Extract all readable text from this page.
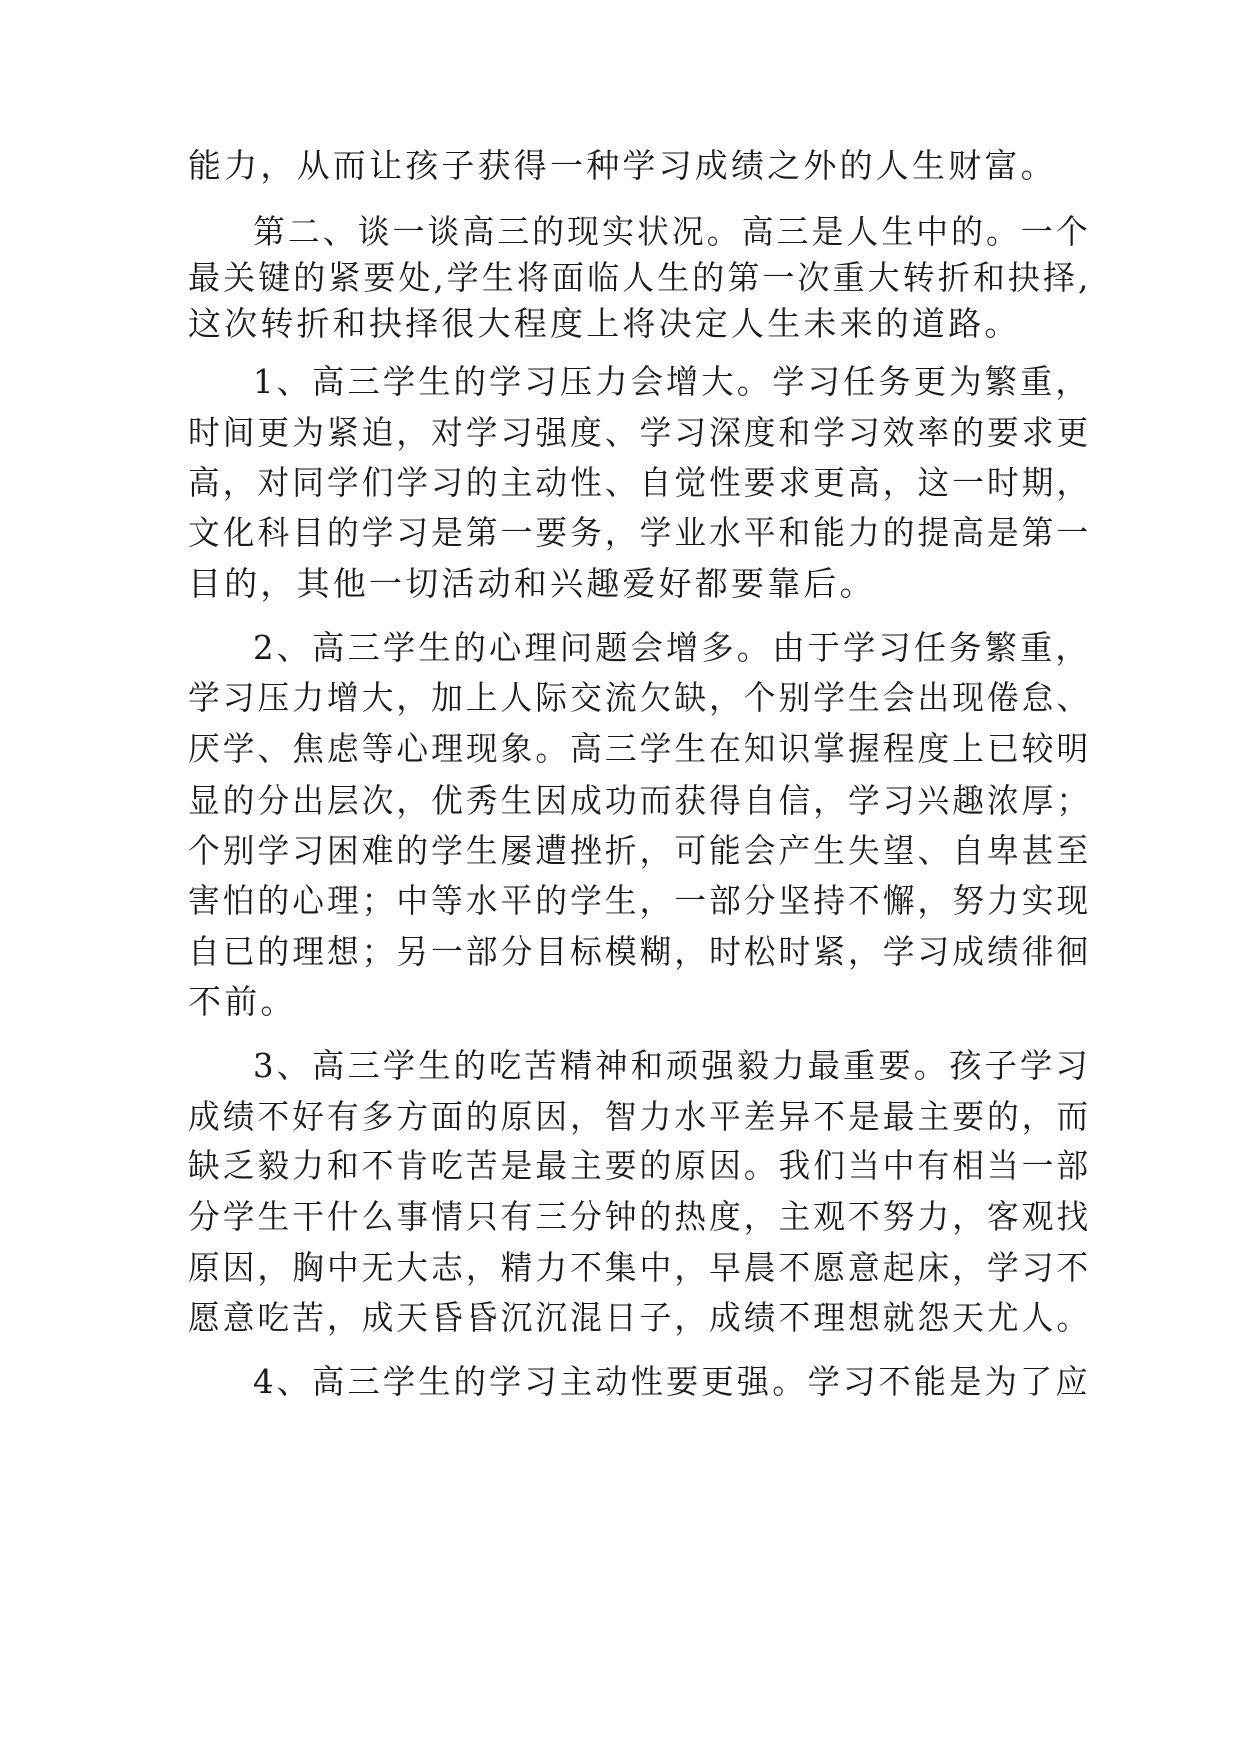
能力，从而让孩子获得一种学习成绩之外的人生财富。
第二、谈一谈高三的现实状况。高三是人生中的。一个
最关键的紧要处,学生将面临人生的第一次重大转折和抉择,
这次转折和抉择很大程度上将决定人生未来的道路。
1、高三学生的学习压力会增大。学习任务更为繁重，
时间更为紧迫，对学习强度、学习深度和学习效率的要求更
高，对同学们学习的主动性、自觉性要求更高，这一时期，
文化科目的学习是第一要务，学业水平和能力的提高是第一
目的，其他一切活动和兴趣爱好都要靠后。
2、高三学生的心理问题会增多。由于学习任务繁重，
学习压力增大，加上人际交流欠缺，个别学生会出现倦怠、
厌学、焦虑等心理现象。高三学生在知识掌握程度上已较明
显的分出层次，优秀生因成功而获得自信，学习兴趣浓厚；
个别学习困难的学生屡遭挫折，可能会产生失望、自卑甚至
害怕的心理；中等水平的学生，一部分坚持不懈，努力实现
自已的理想；另一部分目标模糊，时松时紧，学习成绩徘徊
不前。
3、高三学生的吃苦精神和顽强毅力最重要。孩子学习
成绩不好有多方面的原因，智力水平差异不是最主要的，而
缺乏毅力和不肯吃苦是最主要的原因。我们当中有相当一部
分学生干什么事情只有三分钟的热度，主观不努力，客观找
原因，胸中无大志，精力不集中，早晨不愿意起床，学习不
愿意吃苦，成天昏昏沉沉混日子，成绩不理想就怨天尤人。
4、高三学生的学习主动性要更强。学习不能是为了应
